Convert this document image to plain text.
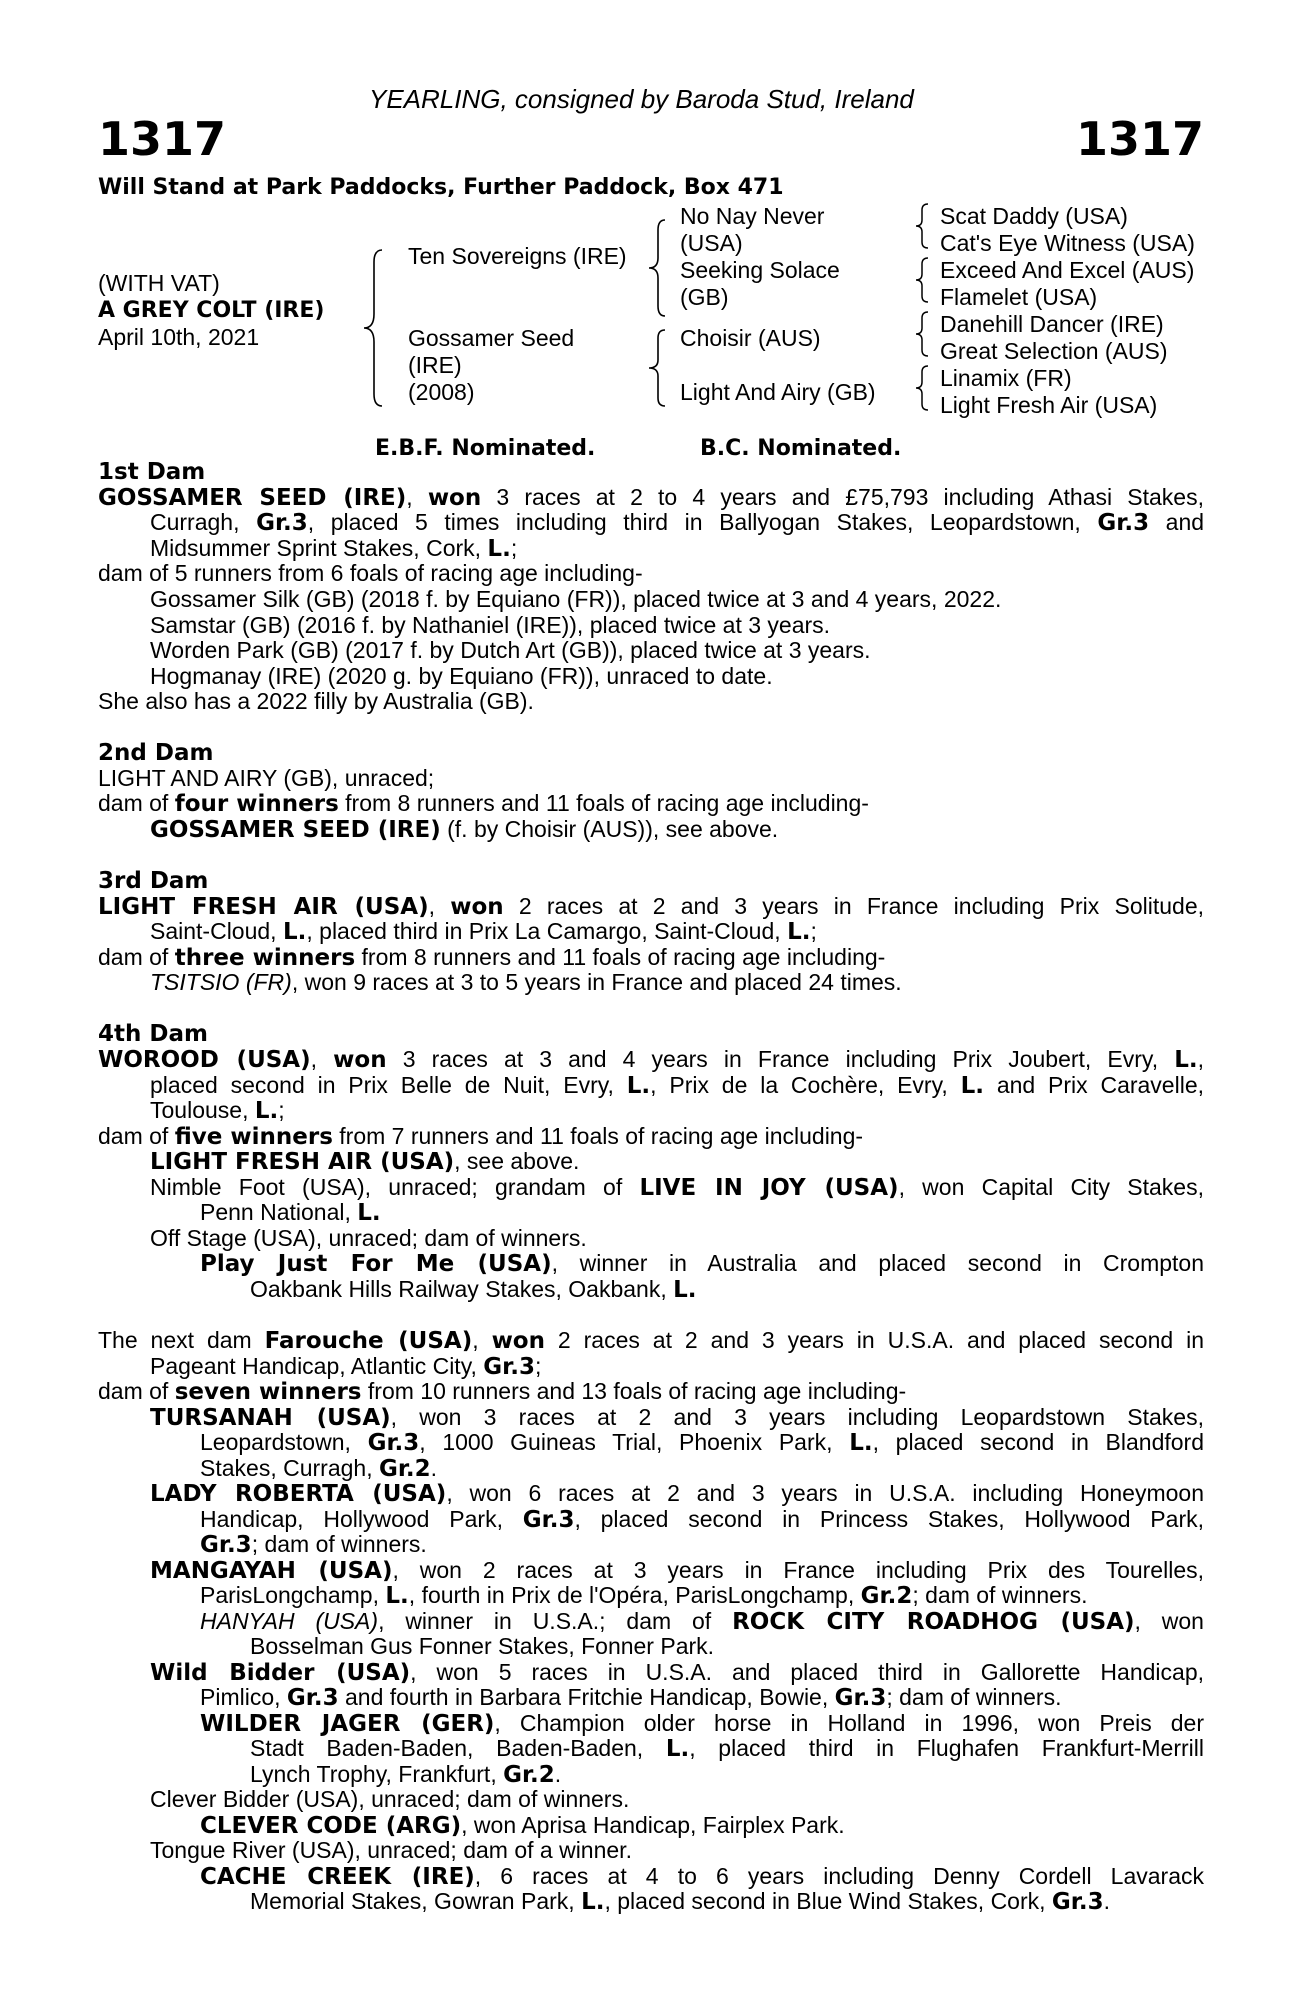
YEARLING, consigned by Baroda Stud, Ireland
1317	1317
Will Stand at Park Paddocks, Further Paddock, Box 471
(WITH VAT)
A GREY COLT (IRE)
April 10th, 2021
Ten Sovereigns (IRE)
Gossamer Seed
(IRE)
(2008)
No Nay Never
(USA)
Seeking Solace
(GB)
Choisir (AUS)
Light And Airy (GB)
Scat Daddy (USA)
Cat's Eye Witness (USA)
Exceed And Excel (AUS)
Flamelet (USA)
Danehill Dancer (IRE)
Great Selection (AUS)
Linamix (FR)
Light Fresh Air (USA)
E.B.F. Nominated.	B.C. Nominated.
1st Dam
GOSSAMER SEED (IRE), won 3 races at 2 to 4 years and £75,793 including Athasi Stakes,
Curragh, Gr.3, placed 5 times including third in Ballyogan Stakes, Leopardstown, Gr.3 and
Midsummer Sprint Stakes, Cork, L.;
dam of 5 runners from 6 foals of racing age including-
Gossamer Silk (GB) (2018 f. by Equiano (FR)), placed twice at 3 and 4 years, 2022.
Samstar (GB) (2016 f. by Nathaniel (IRE)), placed twice at 3 years.
Worden Park (GB) (2017 f. by Dutch Art (GB)), placed twice at 3 years.
Hogmanay (IRE) (2020 g. by Equiano (FR)), unraced to date.
She also has a 2022 filly by Australia (GB).
2nd Dam
LIGHT AND AIRY (GB), unraced;
dam of four winners from 8 runners and 11 foals of racing age including-
GOSSAMER SEED (IRE) (f. by Choisir (AUS)), see above.
3rd Dam
LIGHT FRESH AIR (USA), won 2 races at 2 and 3 years in France including Prix Solitude,
Saint-Cloud, L., placed third in Prix La Camargo, Saint-Cloud, L.;
dam of three winners from 8 runners and 11 foals of racing age including-
TSITSIO (FR), won 9 races at 3 to 5 years in France and placed 24 times.
4th Dam
WOROOD (USA), won 3 races at 3 and 4 years in France including Prix Joubert, Evry, L.,
placed second in Prix Belle de Nuit, Evry, L., Prix de la Cochère, Evry, L. and Prix Caravelle,
Toulouse, L.;
dam of five winners from 7 runners and 11 foals of racing age including-
LIGHT FRESH AIR (USA), see above.
Nimble Foot (USA), unraced; grandam of LIVE IN JOY (USA), won Capital City Stakes,
Penn National, L.
Off Stage (USA), unraced; dam of winners.
Play Just For Me (USA), winner in Australia and placed second in Crompton
Oakbank Hills Railway Stakes, Oakbank, L.
The next dam Farouche (USA), won 2 races at 2 and 3 years in U.S.A. and placed second in
Pageant Handicap, Atlantic City, Gr.3;
dam of seven winners from 10 runners and 13 foals of racing age including-
TURSANAH (USA), won 3 races at 2 and 3 years including Leopardstown Stakes,
Leopardstown, Gr.3, 1000 Guineas Trial, Phoenix Park, L., placed second in Blandford
Stakes, Curragh, Gr.2.
LADY ROBERTA (USA), won 6 races at 2 and 3 years in U.S.A. including Honeymoon
Handicap, Hollywood Park, Gr.3, placed second in Princess Stakes, Hollywood Park,
Gr.3; dam of winners.
MANGAYAH (USA), won 2 races at 3 years in France including Prix des Tourelles,
ParisLongchamp, L., fourth in Prix de l'Opéra, ParisLongchamp, Gr.2; dam of winners.
HANYAH (USA), winner in U.S.A.; dam of ROCK CITY ROADHOG (USA), won
Bosselman Gus Fonner Stakes, Fonner Park.
Wild Bidder (USA), won 5 races in U.S.A. and placed third in Gallorette Handicap,
Pimlico, Gr.3 and fourth in Barbara Fritchie Handicap, Bowie, Gr.3; dam of winners.
WILDER JAGER (GER), Champion older horse in Holland in 1996, won Preis der
Stadt Baden-Baden, Baden-Baden, L., placed third in Flughafen Frankfurt-Merrill
Lynch Trophy, Frankfurt, Gr.2.
Clever Bidder (USA), unraced; dam of winners.
CLEVER CODE (ARG), won Aprisa Handicap, Fairplex Park.
Tongue River (USA), unraced; dam of a winner.
CACHE CREEK (IRE), 6 races at 4 to 6 years including Denny Cordell Lavarack
Memorial Stakes, Gowran Park, L., placed second in Blue Wind Stakes, Cork, Gr.3.
